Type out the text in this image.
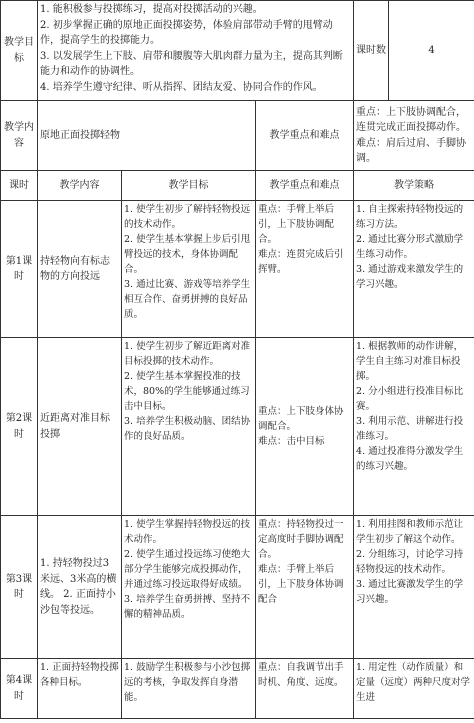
教学目标	1. 能积极参与投掷练习，提高对投掷活动的兴趣。
2. 初步掌握正确的原地正面投掷姿势，体验肩部带动手臂的甩臂动作，提高学生的投掷能力。
3. 以发展学生上下肢、肩带和腰腹等大肌肉群力量为主，提高其判断能力和动作的协调性。
4. 培养学生遵守纪律、听从指挥、团结友爱、协同合作的作风。			课时数	4
教学内容	原地正面投掷轻物		教学重点和难点	重点：上下肢协调配合，连贯完成正面投掷动作。
难点：肩后过肩、手脚协调。	

课时	教学内容	教学目标	教学重点和难点	教学策略	
第1课时	持轻物向有标志物的方向投远	1. 使学生初步了解持轻物投远的技术动作。
2. 使学生基本掌握上步后引甩臂投远的技术，身体协调配合。
3. 通过比赛、游戏等培养学生相互合作、奋勇拼搏的良好品质。	重点：手臂上举后引，上下肢协调配合。
难点：连贯完成后引挥臂。	1. 自主探索持轻物投远的练习方法。
2. 通过比赛分形式激励学生练习动作。
3. 通过游戏来激发学生的学习兴趣。	
第2课时	近距离对准目标投掷	1. 使学生初步了解近距离对准目标投掷的技术动作。
2. 使学生基本掌握投准的技术，80%的学生能够通过练习击中目标。
3. 培养学生积极动脑、团结协作的良好品质。	重点：上下肢身体协调配合。
难点：击中目标	1. 根据教师的动作讲解，学生自主练习对准目标投掷。
2. 分小组进行投准目标比赛。
3. 利用示范、讲解进行投准练习。
4. 通过投准得分激发学生的练习兴趣。	
第3课时	1. 持轻物投过3米远、3米高的横线。 2. 正面持小沙包等投远。	1. 使学生掌握持轻物投远的技术动作。
2. 使学生通过投远练习使绝大部分学生能够完成投掷动作，并通过练习投远取得好成绩。
3. 培养学生奋勇拼搏、坚持不懈的精神品质。	重点：持轻物投过一定高度时手脚协调配合。
难点：手臂上举后引，上下肢身体协调配合	1. 利用挂图和教师示范让学生初步了解这个动作。
2. 分组练习，讨论学习持轻物投远的技术动作。
3. 通过比赛激发学生的学习兴趣。	
第4课时	1. 正面持轻物投掷各种目标。	1. 鼓励学生积极参与小沙包掷远的考核，争取发挥自身潜能。	重点：自我调节出手时机、角度、远度。	1. 用定性（动作质量）和定量（远度）两种尺度对学生进	
